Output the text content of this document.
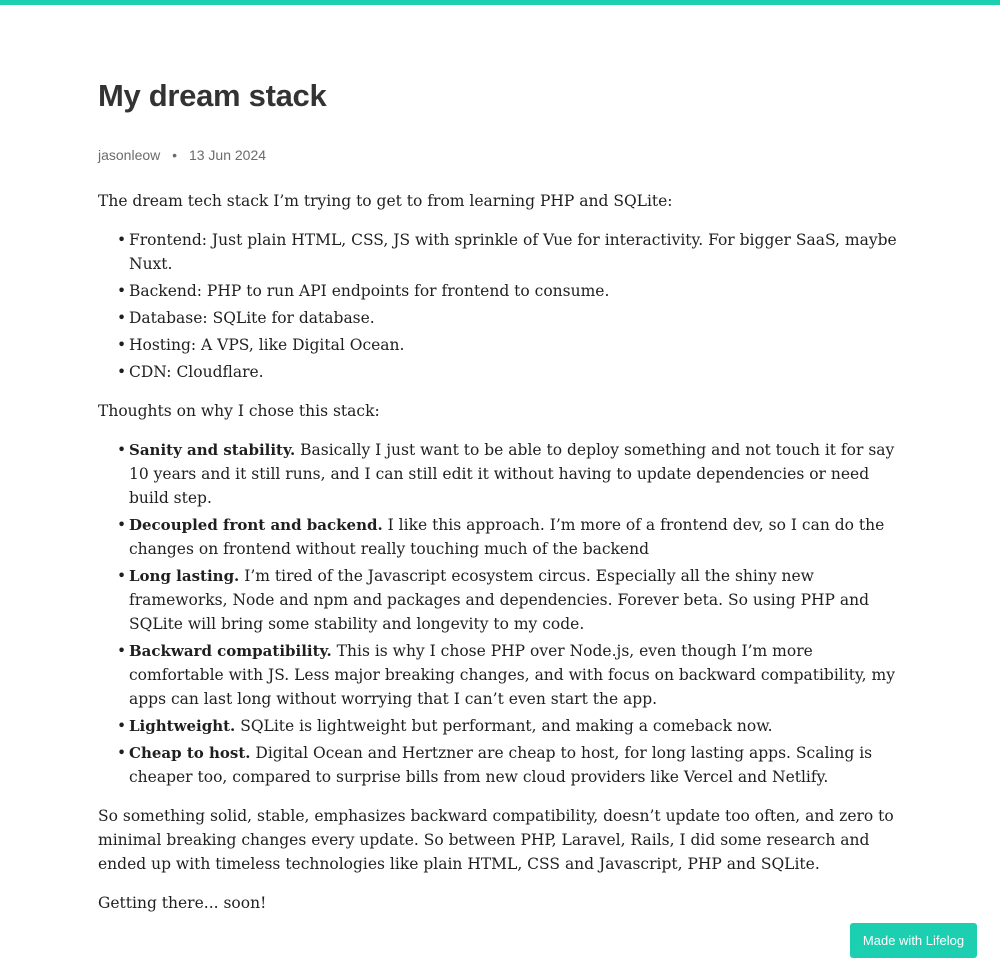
My dream stack
jasonleow • 13 Jun 2024

The dream tech stack I’m trying to get to from learning PHP and SQLite:

• Frontend: Just plain HTML, CSS, JS with sprinkle of Vue for interactivity. For bigger SaaS, maybe Nuxt.
• Backend: PHP to run API endpoints for frontend to consume.
• Database: SQLite for database.
• Hosting: A VPS, like Digital Ocean.
• CDN: Cloudflare.

Thoughts on why I chose this stack:

• Sanity and stability. Basically I just want to be able to deploy something and not touch it for say 10 years and it still runs, and I can still edit it without having to update dependencies or need build step.
• Decoupled front and backend. I like this approach. I’m more of a frontend dev, so I can do the changes on frontend without really touching much of the backend
• Long lasting. I’m tired of the Javascript ecosystem circus. Especially all the shiny new frameworks, Node and npm and packages and dependencies. Forever beta. So using PHP and SQLite will bring some stability and longevity to my code.
• Backward compatibility. This is why I chose PHP over Node.js, even though I’m more comfortable with JS. Less major breaking changes, and with focus on backward compatibility, my apps can last long without worrying that I can’t even start the app.
• Lightweight. SQLite is lightweight but performant, and making a comeback now.
• Cheap to host. Digital Ocean and Hertzner are cheap to host, for long lasting apps. Scaling is cheaper too, compared to surprise bills from new cloud providers like Vercel and Netlify.

So something solid, stable, emphasizes backward compatibility, doesn’t update too often, and zero to minimal breaking changes every update. So between PHP, Laravel, Rails, I did some research and ended up with timeless technologies like plain HTML, CSS and Javascript, PHP and SQLite.

Getting there... soon!

Made with Lifelog
